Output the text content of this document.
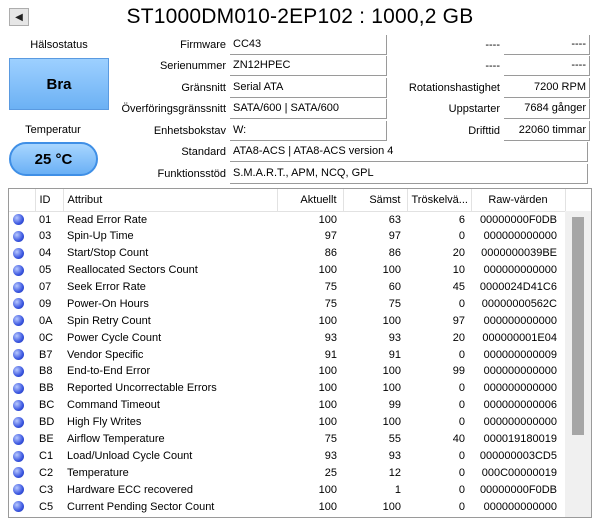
◀	ST1000DM010-2EP102 : 1000,2 GB
Hälsostatus
Bra
Temperatur
25 °C
Firmware CC43
Serienummer ZN12HPEC
Gränsnitt Serial ATA
Överföringsgränssnitt SATA/600 | SATA/600
Enhetsbokstav W:
Standard ATA8-ACS | ATA8-ACS version 4
Funktionsstöd S.M.A.R.T., APM, NCQ, GPL
----	----
----	----
Rotationshastighet	7200 RPM
Uppstarter	7684 gånger
Drifttid	22060 timmar
	ID	Attribut	Aktuellt	Sämst	Tröskelvä...	Raw-värden
	01	Read Error Rate	100	63	6	00000000F0DB
	03	Spin-Up Time	97	97	0	000000000000
	04	Start/Stop Count	86	86	20	0000000039BE
	05	Reallocated Sectors Count	100	100	10	000000000000
	07	Seek Error Rate	75	60	45	0000024D41C6
	09	Power-On Hours	75	75	0	00000000562C
	0A	Spin Retry Count	100	100	97	000000000000
	0C	Power Cycle Count	93	93	20	000000001E04
	B7	Vendor Specific	91	91	0	000000000009
	B8	End-to-End Error	100	100	99	000000000000
	BB	Reported Uncorrectable Errors	100	100	0	000000000000
	BC	Command Timeout	100	99	0	000000000006
	BD	High Fly Writes	100	100	0	000000000000
	BE	Airflow Temperature	75	55	40	000019180019
	C1	Load/Unload Cycle Count	93	93	0	000000003CD5
	C2	Temperature	25	12	0	000C00000019
	C3	Hardware ECC recovered	100	1	0	00000000F0DB
	C5	Current Pending Sector Count	100	100	0	000000000000
